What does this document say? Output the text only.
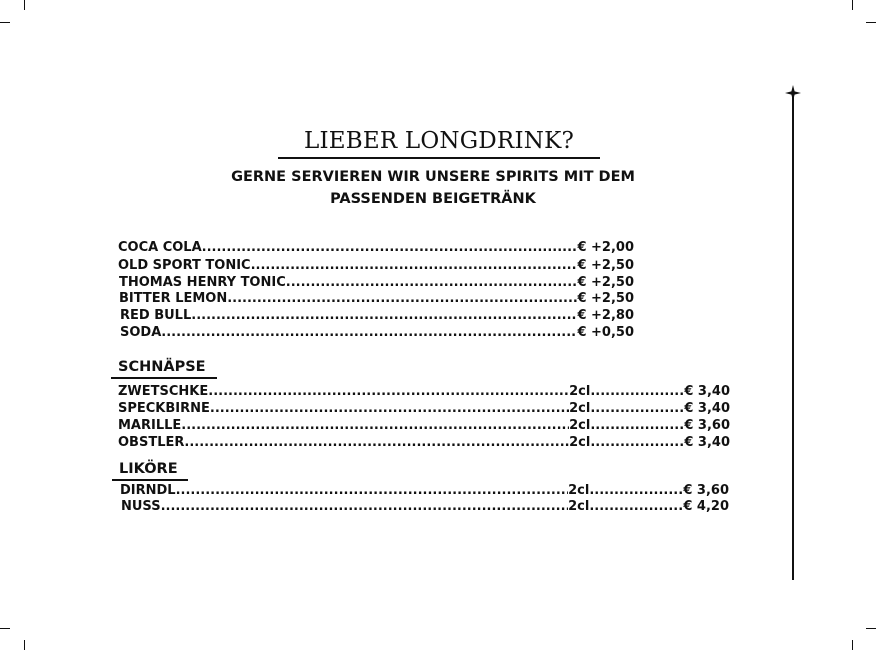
LIEBER LONGDRINK?
GERNE SERVIEREN WIR UNSERE SPIRITS MIT DEM
PASSENDEN BEIGETRÄNK
COCA COLA .....	€ +2,00
OLD SPORT TONIC .....	€ +2,50
THOMAS HENRY TONIC .....	€ +2,50
BITTER LEMON .....	€ +2,50
RED BULL .....	€ +2,80
SODA .....	€ +0,50
SCHNÄPSE
ZWETSCHKE .....	2cl .....	€ 3,40
SPECKBIRNE .....	2cl .....	€ 3,40
MARILLE .....	2cl .....	€ 3,60
OBSTLER .....	2cl .....	€ 3,40
LIKÖRE
DIRNDL .....	2cl .....	€ 3,60
NUSS .....	2cl .....	€ 4,20
